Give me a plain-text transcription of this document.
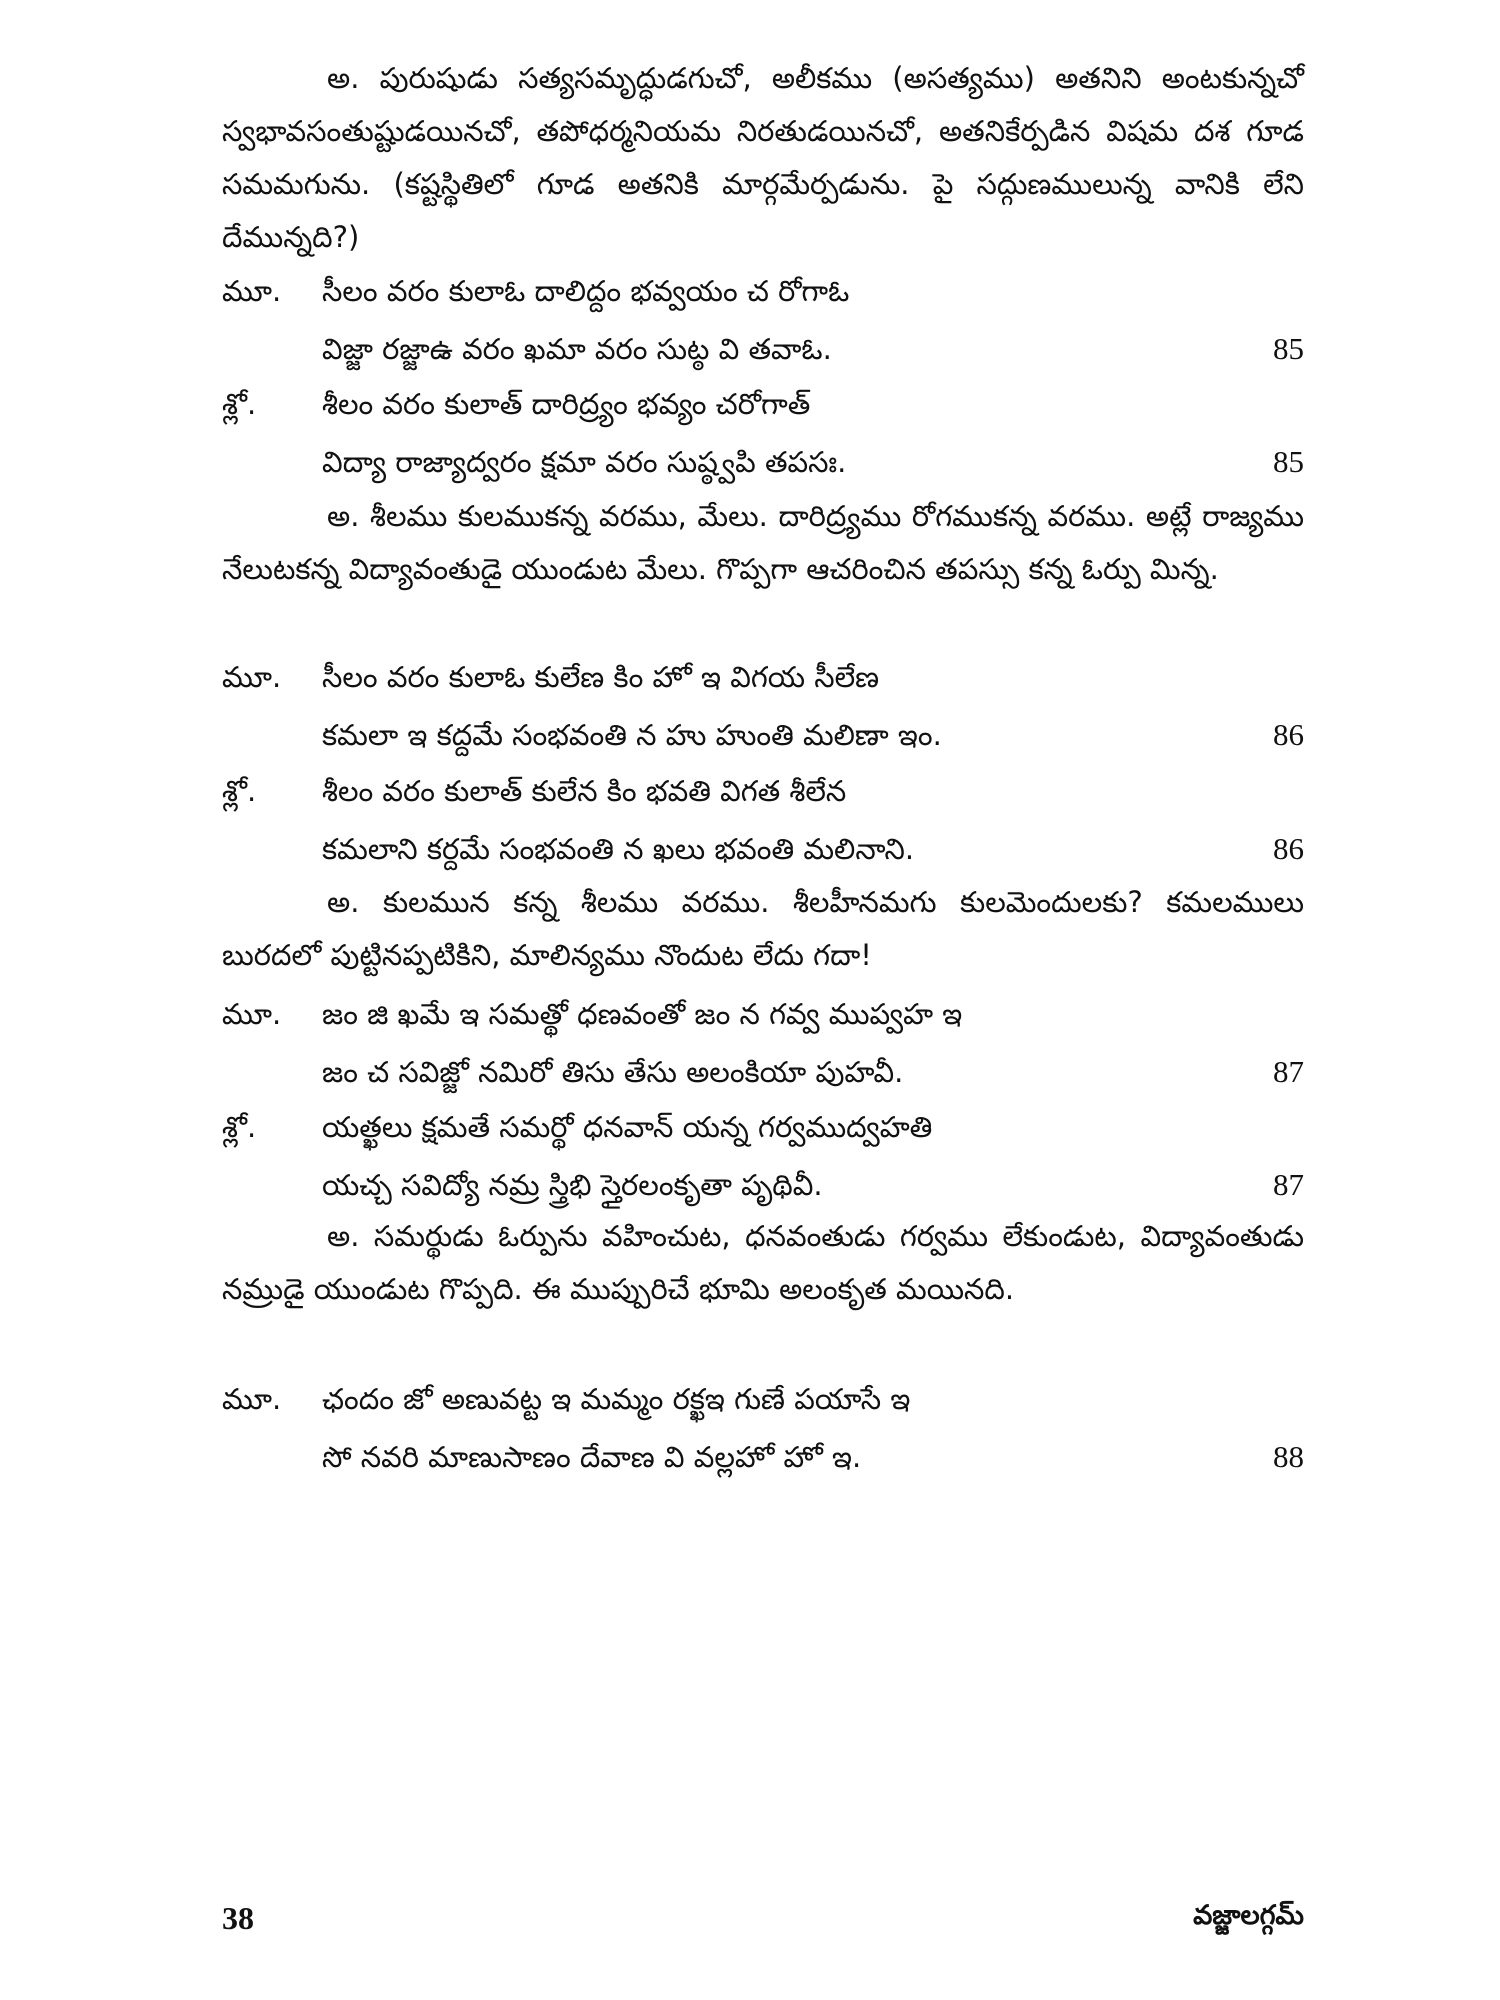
అ. పురుషుడు సత్యసమృద్ధుడగుచో, అలీకము (అసత్యము) అతనిని అంటకున్నచో స్వభావసంతుష్టుడయినచో, తపోధర్మనియమ నిరతుడయినచో, అతనికేర్పడిన విషమ దశ గూడ సమమగును. (కష్టస్థితిలో గూడ అతనికి మార్గమేర్పడును. పై సద్గుణములున్న వానికి లేని దేమున్నది?)

మూ. సీలం వరం కులాఓ దాలిద్దం భవ్వయం చ రోగాఓ
విజ్జా రజ్జాఉ వరం ఖమా వరం సుట్ఠ వి తవాఓ.	85
శ్లో. శీలం వరం కులాత్ దారిద్ర్యం భవ్యం చరోగాత్
విద్యా రాజ్యాద్వరం క్షమా వరం సుష్ఠ్వపి తపసః.	85

అ. శీలము కులముకన్న వరము, మేలు. దారిద్ర్యము రోగముకన్న వరము. అట్లే రాజ్యము నేలుటకన్న విద్యావంతుడై యుండుట మేలు. గొప్పగా ఆచరించిన తపస్సు కన్న ఓర్పు మిన్న.

మూ. సీలం వరం కులాఓ కులేణ కిం హో ఇ విగయ సీలేణ
కమలా ఇ కద్దమే సంభవంతి న హు హుంతి మలిణా ఇం.	86
శ్లో. శీలం వరం కులాత్ కులేన కిం భవతి విగత శీలేన
కమలాని కర్దమే సంభవంతి న ఖలు భవంతి మలినాని.	86

అ. కులమున కన్న శీలము వరము. శీలహీనమగు కులమెందులకు? కమలములు బురదలో పుట్టినప్పటికిని, మాలిన్యము నొందుట లేదు గదా!

మూ. జం జి ఖమే ఇ సమత్థో ధణవంతో జం న గవ్వ ముప్వహ ఇ
జం చ సవిజ్జో నమిరో తిసు తేసు అలంకియా పుహవీ.	87
శ్లో. యత్ఖలు క్షమతే సమర్థో ధనవాన్ యన్న గర్వముద్వహతి
యచ్చ సవిద్యో నమ్ర స్త్రిభి స్తైరలంకృతా పృథివీ.	87

అ. సమర్థుడు ఓర్పును వహించుట, ధనవంతుడు గర్వము లేకుండుట, విద్యావంతుడు నమ్రుడై యుండుట గొప్పది. ఈ ముప్పురిచే భూమి అలంకృత మయినది.

మూ. ఛందం జో అణువట్ట ఇ మమ్మం రక్ఖఇ గుణే పయాసే ఇ
సో నవరి మాణుసాణం దేవాణ వి వల్లహో హో ఇ.	88
38	వజ్జాలగ్గమ్
